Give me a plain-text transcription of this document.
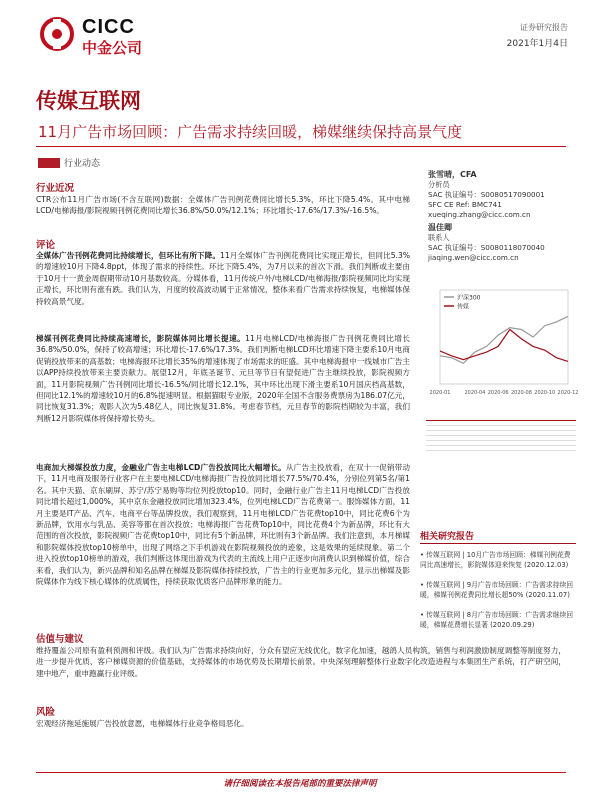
CICC
中金公司
证券研究报告
2021年1月4日
传媒互联网
11月广告市场回顾：广告需求持续回暖，梯媒继续保持高景气度
行业动态
行业近况
CTR公布11月广告市场(不含互联网)数据：全媒体广告刊例花费同比增长5.3%，环比下降5.4%。其中电梯LCD/电梯海报/影院视频刊例花费同比增长36.8%/50.0%/12.1%；环比增长-17.6%/17.3%/-16.5%。
评论
全媒体广告刊例花费同比持续增长，但环比有所下降。11月全媒体广告刊例花费同比实现正增长，但同比5.3%的增速较10月下降4.8ppt，体现了需求的持续性。环比下降5.4%，为7月以来的首次下滑。我们判断或主要由于10月十一黄金周假期带动10月基数较高。分媒体看，11月传统户外/电梯LCD/电梯海报/影院视频同比均实现正增长，环比则有涨有跌。我们认为，月度的较高波动属于正常情况，整体来看广告需求持续恢复，电梯媒体保持较高景气度。
梯媒刊例花费同比持续高速增长，影院媒体同比增长提速。11月电梯LCD/电梯海报广告刊例花费同比增长36.8%/50.0%，保持了较高增速；环比增长-17.6%/17.3%。我们判断电梯LCD环比增速下降主要系10月电商促销投放带来的高基数；电梯海报环比增长35%的增速体现了市场需求的旺盛。其中电梯海报中一线城市广告主以APP持续投放带来主要贡献力。展望12月，年底圣诞节、元旦等节日有望促进广告主继续投放，影院视频方面，11月影院视频广告刊例同比增长-16.5%/同比增长12.1%，其中环比出现下滑主要系10月国庆档高基数，但同比12.1%的增速较10月的6.8%提速明显。根据猫眼专业版，2020年全国不含服务费票房为186.07亿元，同比恢复31.3%；观影人次为5.48亿人，同比恢复31.8%。考虑春节档，元旦春节的影院档期较为丰富，我们判断12月影院媒体将保持增长势头。
电商加大梯媒投放力度，金融业广告主电梯LCD广告投放同比大幅增长。从广告主投放看，在双十一促销带动下，11月电商及服务行业客户在主要电梯LCD/电梯海报广告投放同比增长77.5%/70.4%，分别位列第5名/第1名。其中天猫、京东刷屏、苏宁/苏宁易购等均位列投放top10。同时，金融行业广告主11月电梯LCD广告投放同比增长超过1,000%，其中京东金融投放同比增加323.4%，位列电梯LCD广告花费第一。服饰媒体方面，11月主要是IT产品、汽车、电商平台等品牌投放，我们观察到，11月电梯LCD广告花费top10中，同比花费6个为新品牌，饮用水与乳品、美容等都在首次投放；电梯海报广告花费Top10中，同比花费4个为新品牌，环比有大范围的首次投放，影院视频广告花费top10中，同比有5个新品牌，环比则有3个新品牌。我们注意到，本月梯媒和影院媒体投放top10榜单中，出现了网络之下手机游戏在影院视频投放的迹象，这是效果的延续现象。第二个进入投放top10榜单的游戏，我们判断这体现出游戏为代表的主流线上用户正逐步向消费认识到梯媒价值，综合来看，我们认为，新兴品牌和知名品牌在梯媒及影院媒体持续投放，广告主的行业更加多元化，显示出梯媒及影院媒体作为线下核心媒体的优质属性，持续获取优质客户品牌形象的能力。
估值与建议
维持覆盖公司原有盈利预测和评级。我们认为广告需求持续向好，分众有望应无线优化，数字化加速，越鸽人员构筑，销售与利润激励制度调整等制度努力，进一步提升优质、客户梯媒资源的价值基础，支持媒体的市场优势及长期增长前景。中央深刻理解整体行业数字化改造进程与本集团生产系统，打产研空间，建中地产，重申跑赢行业评级。
风险
宏观经济拖延施展广告投放意愿，电梯媒体行业竞争格局恶化。
张雪晴，CFA
分析员
SAC 执证编号：S0080517090001
SFC CE Ref: BMC741
xueqing.zhang@cicc.com.cn
温佳卿
联系人
SAC 执证编号：S0080118070040
jiaqing.wen@cicc.com.cn
沪深300
传媒
2020-01	2020-04 2020-06 2020-08 2020-10 2020-12

相关研究报告
• 传媒互联网 | 10月广告市场回顾：梯媒刊例花费同比高速增长，影院媒体迎来恢复 (2020.12.03)
• 传媒互联网 | 9月广告市场回顾：广告需求持续回暖，梯媒刊例花费同比增长超50% (2020.11.07)
• 传媒互联网 | 8月广告市场回顾：广告需求继续回暖，梯媒花费增长显著 (2020.09.29)
请仔细阅读在本报告尾部的重要法律声明
